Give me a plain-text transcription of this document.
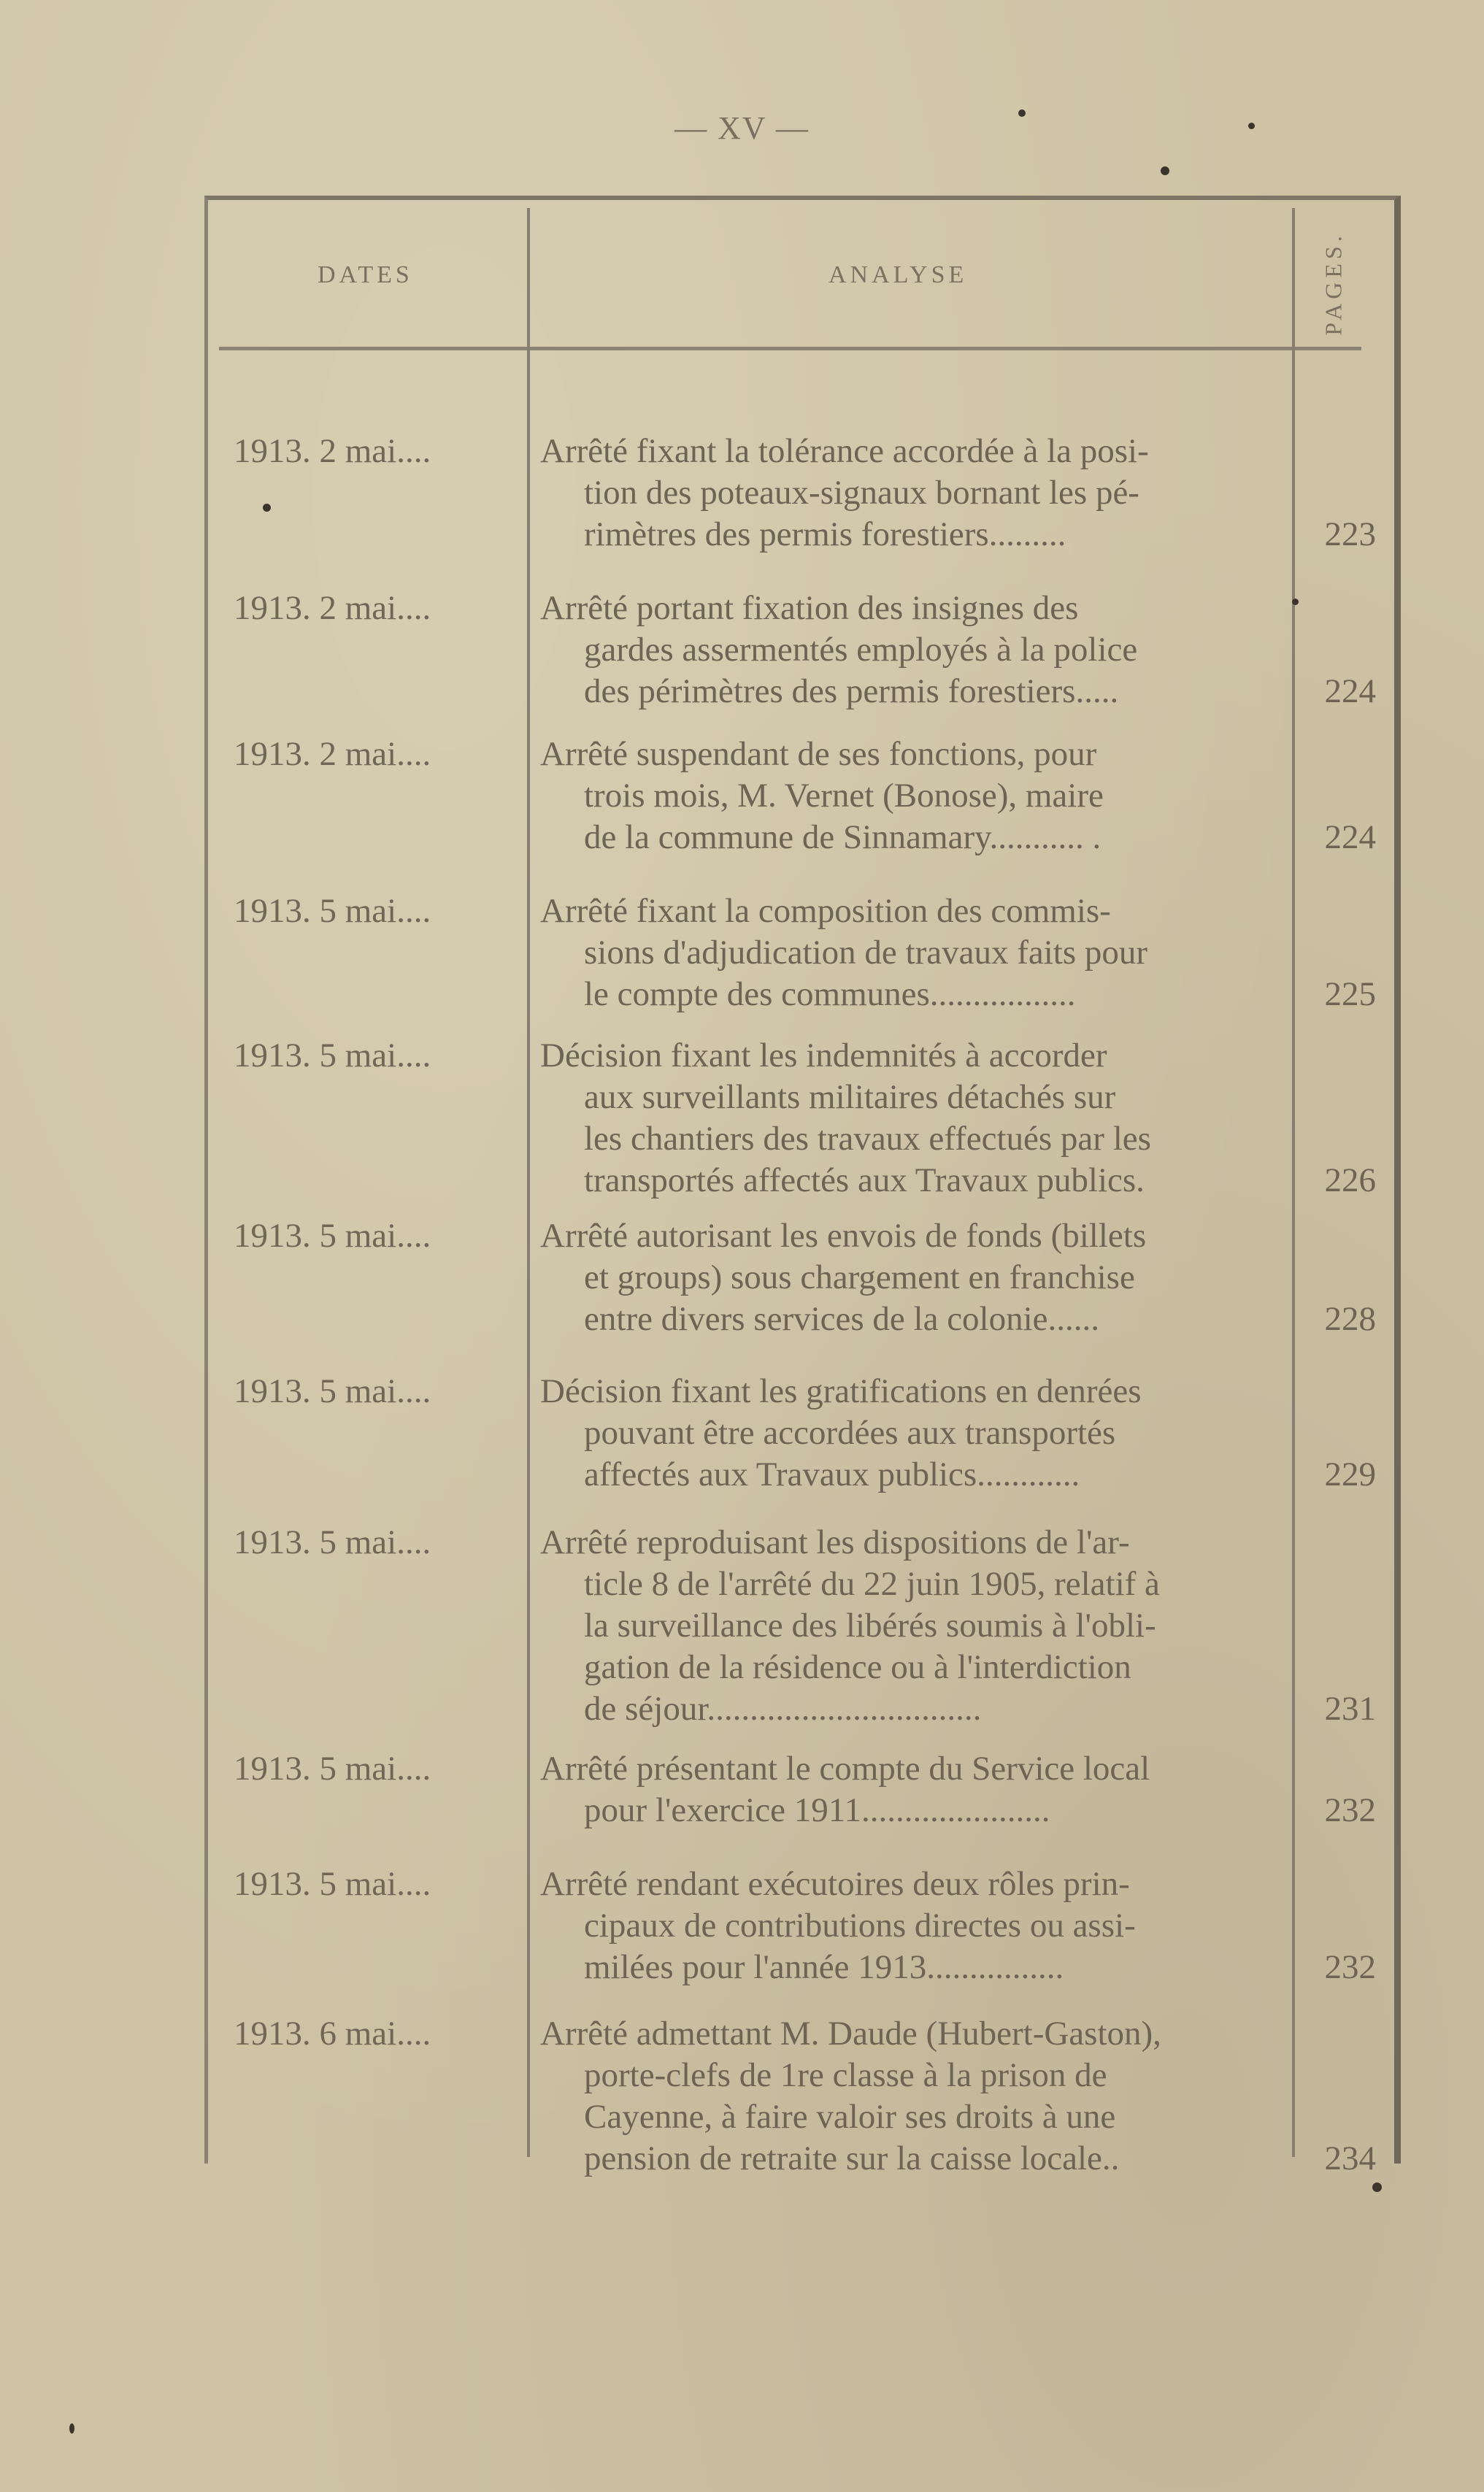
— XV —
DATES	ANALYSE	PAGES.
1913. 2 mai....	Arrêté fixant la tolérance accordée à la posi-
tion des poteaux-signaux bornant les pé-
rimètres des permis forestiers.........	223
1913. 2 mai....	Arrêté portant fixation des insignes des
gardes assermentés employés à la police
des périmètres des permis forestiers.....	224
1913. 2 mai....	Arrêté suspendant de ses fonctions, pour
trois mois, M. Vernet (Bonose), maire
de la commune de Sinnamary........... .	224
1913. 5 mai....	Arrêté fixant la composition des commis-
sions d'adjudication de travaux faits pour
le compte des communes.................	225
1913. 5 mai....	Décision fixant les indemnités à accorder
aux surveillants militaires détachés sur
les chantiers des travaux effectués par les
transportés affectés aux Travaux publics.	226
1913. 5 mai....	Arrêté autorisant les envois de fonds (billets
et groups) sous chargement en franchise
entre divers services de la colonie......	228
1913. 5 mai....	Décision fixant les gratifications en denrées
pouvant être accordées aux transportés
affectés aux Travaux publics............	229
1913. 5 mai....	Arrêté reproduisant les dispositions de l'ar-
ticle 8 de l'arrêté du 22 juin 1905, relatif à
la surveillance des libérés soumis à l'obli-
gation de la résidence ou à l'interdiction
de séjour................................	231
1913. 5 mai....	Arrêté présentant le compte du Service local
pour l'exercice 1911......................	232
1913. 5 mai....	Arrêté rendant exécutoires deux rôles prin-
cipaux de contributions directes ou assi-
milées pour l'année 1913................	232
1913. 6 mai....	Arrêté admettant M. Daude (Hubert-Gaston),
porte-clefs de 1re classe à la prison de
Cayenne, à faire valoir ses droits à une
pension de retraite sur la caisse locale..	234
